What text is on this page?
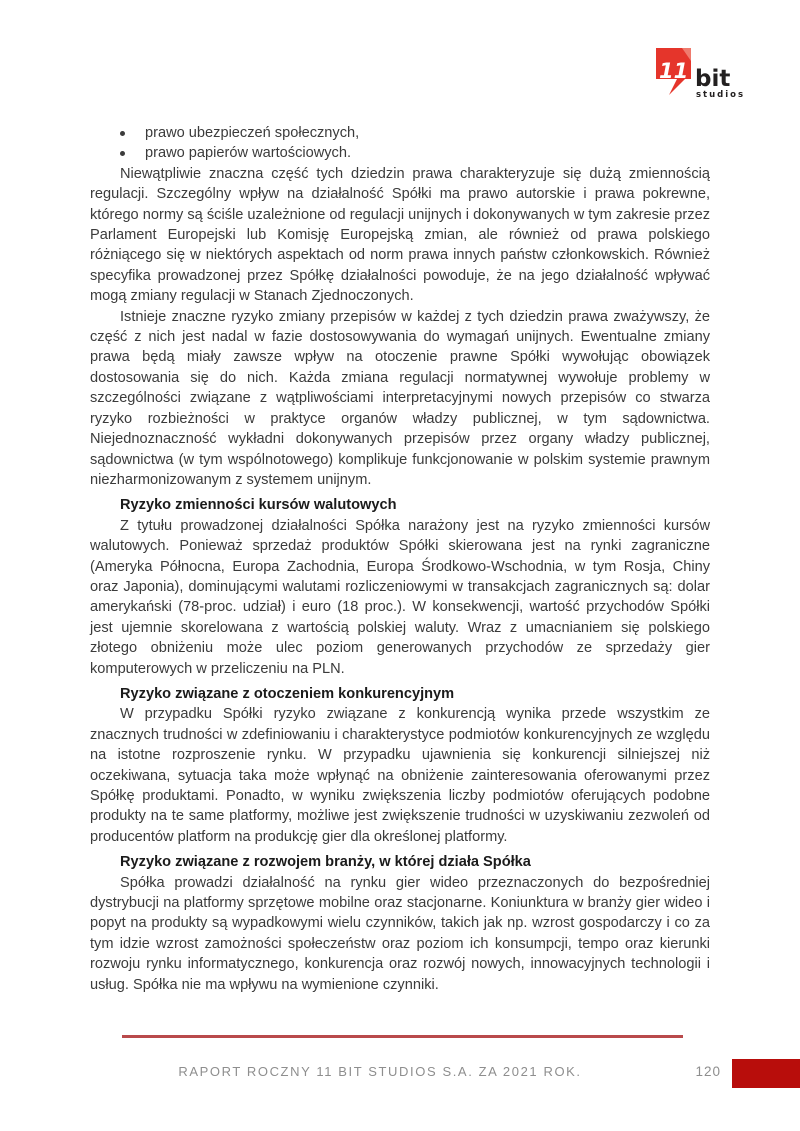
11 bit
studios
prawo ubezpieczeń społecznych,
prawo papierów wartościowych.

Niewątpliwie znaczna część tych dziedzin prawa charakteryzuje się dużą zmiennością regulacji. Szczególny wpływ na działalność Spółki ma prawo autorskie i prawa pokrewne, którego normy są ściśle uzależnione od regulacji unijnych i dokonywanych w tym zakresie przez Parlament Europejski lub Komisję Europejską zmian, ale również od prawa polskiego różniącego się w niektórych aspektach od norm prawa innych państw członkowskich. Również specyfika prowadzonej przez Spółkę działalności powoduje, że na jego działalność wpływać mogą zmiany regulacji w Stanach Zjednoczonych.

Istnieje znaczne ryzyko zmiany przepisów w każdej z tych dziedzin prawa zważywszy, że część z nich jest nadal w fazie dostosowywania do wymagań unijnych. Ewentualne zmiany prawa będą miały zawsze wpływ na otoczenie prawne Spółki wywołując obowiązek dostosowania się do nich. Każda zmiana regulacji normatywnej wywołuje problemy w szczególności związane z wątpliwościami interpretacyjnymi nowych przepisów co stwarza ryzyko rozbieżności w praktyce organów władzy publicznej, w tym sądownictwa. Niejednoznaczność wykładni dokonywanych przepisów przez organy władzy publicznej, sądownictwa (w tym wspólnotowego) komplikuje funkcjonowanie w polskim systemie prawnym niezharmonizowanym z systemem unijnym.

Ryzyko zmienności kursów walutowych

Z tytułu prowadzonej działalności Spółka narażony jest na ryzyko zmienności kursów walutowych. Ponieważ sprzedaż produktów Spółki skierowana jest na rynki zagraniczne (Ameryka Północna, Europa Zachodnia, Europa Środkowo-Wschodnia, w tym Rosja, Chiny oraz Japonia), dominującymi walutami rozliczeniowymi w transakcjach zagranicznych są: dolar amerykański (78-proc. udział) i euro (18 proc.). W konsekwencji, wartość przychodów Spółki jest ujemnie skorelowana z wartością polskiej waluty. Wraz z umacnianiem się polskiego złotego obniżeniu może ulec poziom generowanych przychodów ze sprzedaży gier komputerowych w przeliczeniu na PLN.

Ryzyko związane z otoczeniem konkurencyjnym

W przypadku Spółki ryzyko związane z konkurencją wynika przede wszystkim ze znacznych trudności w zdefiniowaniu i charakterystyce podmiotów konkurencyjnych ze względu na istotne rozproszenie rynku. W przypadku ujawnienia się konkurencji silniejszej niż oczekiwana, sytuacja taka może wpłynąć na obniżenie zainteresowania oferowanymi przez Spółkę produktami. Ponadto, w wyniku zwiększenia liczby podmiotów oferujących podobne produkty na te same platformy, możliwe jest zwiększenie trudności w uzyskiwaniu zezwoleń od producentów platform na produkcję gier dla określonej platformy.

Ryzyko związane z rozwojem branży, w której działa Spółka

Spółka prowadzi działalność na rynku gier wideo przeznaczonych do bezpośredniej dystrybucji na platformy sprzętowe mobilne oraz stacjonarne. Koniunktura w branży gier wideo i popyt na produkty są wypadkowymi wielu czynników, takich jak np. wzrost gospodarczy i co za tym idzie wzrost zamożności społeczeństw oraz poziom ich konsumpcji, tempo oraz kierunki rozwoju rynku informatycznego, konkurencja oraz rozwój nowych, innowacyjnych technologii i usług. Spółka nie ma wpływu na wymienione czynniki.

RAPORT ROCZNY 11 BIT STUDIOS S.A. ZA 2021 ROK.	120
